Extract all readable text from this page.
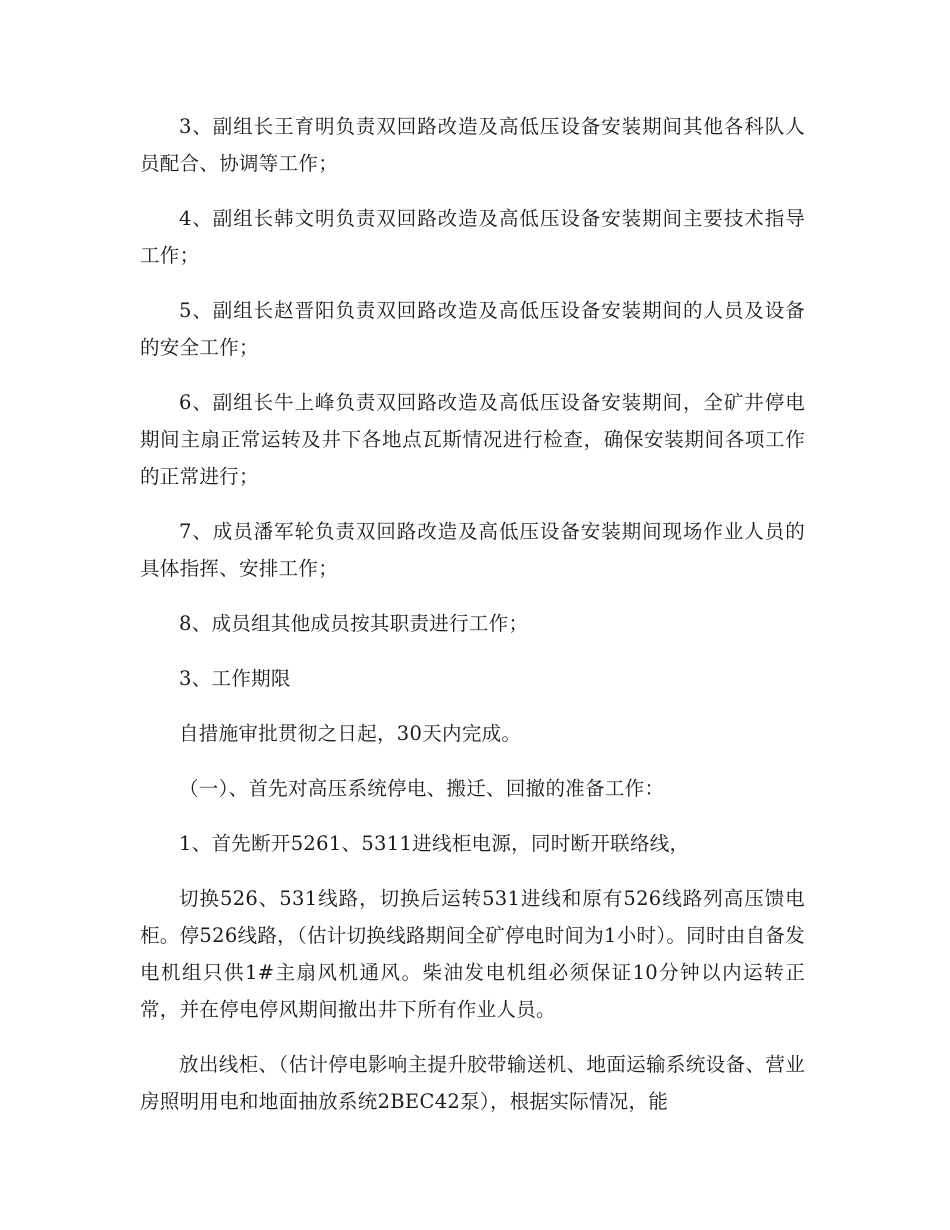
3、副组长王育明负责双回路改造及高低压设备安装期间其他各科队人员配合、协调等工作；

4、副组长韩文明负责双回路改造及高低压设备安装期间主要技术指导工作；

5、副组长赵晋阳负责双回路改造及高低压设备安装期间的人员及设备的安全工作；

6、副组长牛上峰负责双回路改造及高低压设备安装期间，全矿井停电期间主扇正常运转及井下各地点瓦斯情况进行检查，确保安装期间各项工作的正常进行；

7、成员潘军轮负责双回路改造及高低压设备安装期间现场作业人员的具体指挥、安排工作；

8、成员组其他成员按其职责进行工作；

3、工作期限

自措施审批贯彻之日起，30天内完成。

（一）、首先对高压系统停电、搬迁、回撤的准备工作：

1、首先断开5261、5311进线柜电源，同时断开联络线，

切换526、531线路，切换后运转531进线和原有526线路列高压馈电柜。停526线路，（估计切换线路期间全矿停电时间为1小时）。同时由自备发电机组只供1#主扇风机通风。柴油发电机组必须保证10分钟以内运转正常，并在停电停风期间撤出井下所有作业人员。

放出线柜、（估计停电影响主提升胶带输送机、地面运输系统设备、营业房照明用电和地面抽放系统2BEC42泵），根据实际情况，能
